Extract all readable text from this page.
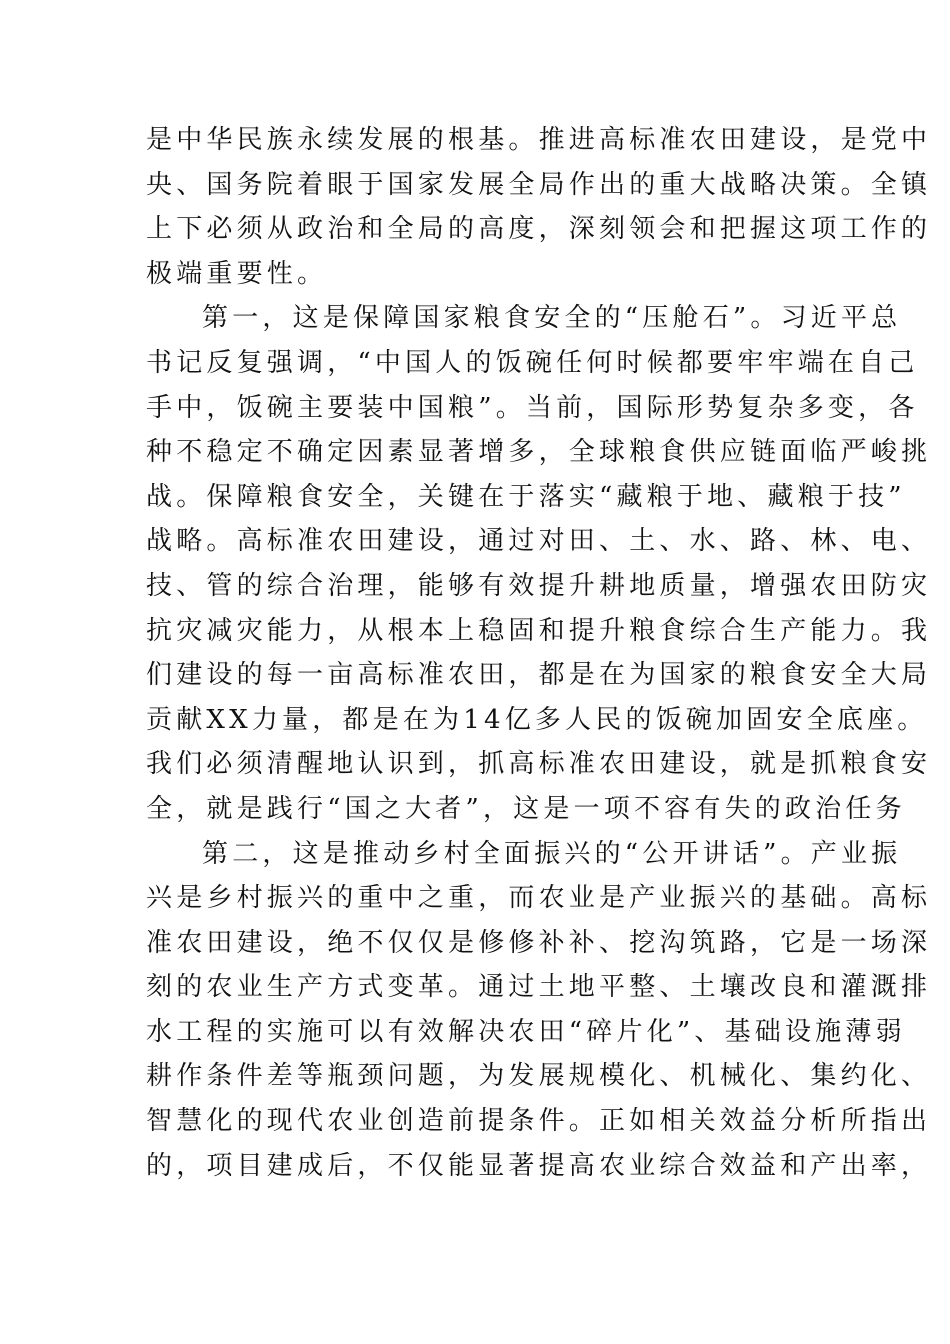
是中华民族永续发展的根基。推进高标准农田建设，是党中
央、国务院着眼于国家发展全局作出的重大战略决策。全镇
上下必须从政治和全局的高度，深刻领会和把握这项工作的
极端重要性。
第一，这是保障国家粮食安全的“压舱石”。习近平总
书记反复强调，“中国人的饭碗任何时候都要牢牢端在自己
手中，饭碗主要装中国粮”。当前，国际形势复杂多变，各
种不稳定不确定因素显著增多，全球粮食供应链面临严峻挑
战。保障粮食安全，关键在于落实“藏粮于地、藏粮于技”
战略。高标准农田建设，通过对田、土、水、路、林、电、
技、管的综合治理，能够有效提升耕地质量，增强农田防灾
抗灾减灾能力，从根本上稳固和提升粮食综合生产能力。我
们建设的每一亩高标准农田，都是在为国家的粮食安全大局
贡献XX力量，都是在为14亿多人民的饭碗加固安全底座。
我们必须清醒地认识到，抓高标准农田建设，就是抓粮食安
全，就是践行“国之大者”，这是一项不容有失的政治任务
第二，这是推动乡村全面振兴的“公开讲话”。产业振
兴是乡村振兴的重中之重，而农业是产业振兴的基础。高标
准农田建设，绝不仅仅是修修补补、挖沟筑路，它是一场深
刻的农业生产方式变革。通过土地平整、土壤改良和灌溉排
水工程的实施可以有效解决农田“碎片化”、基础设施薄弱
耕作条件差等瓶颈问题，为发展规模化、机械化、集约化、
智慧化的现代农业创造前提条件。正如相关效益分析所指出
的，项目建成后，不仅能显著提高农业综合效益和产出率，
